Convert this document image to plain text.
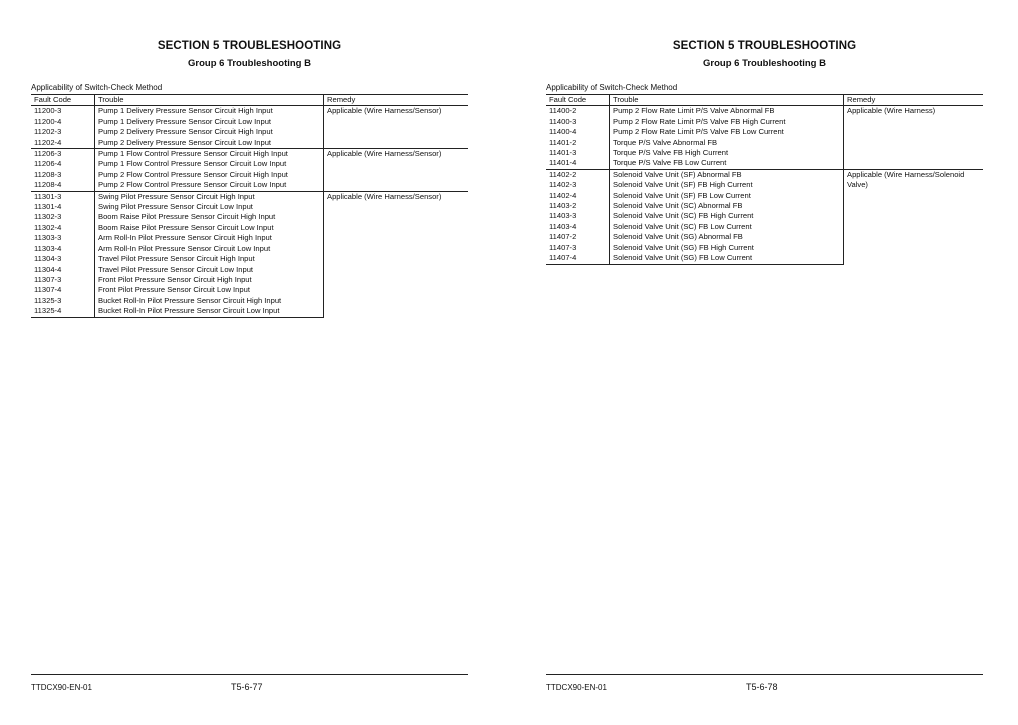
SECTION 5 TROUBLESHOOTING
Group 6 Troubleshooting B
Applicability of Switch-Check Method
Fault Code	Trouble	Remedy
11200-3	Pump 1 Delivery Pressure Sensor Circuit High Input	Applicable (Wire Harness/Sensor)
11200-4	Pump 1 Delivery Pressure Sensor Circuit Low Input	
11202-3	Pump 2 Delivery Pressure Sensor Circuit High Input	
11202-4	Pump 2 Delivery Pressure Sensor Circuit Low Input	
11206-3	Pump 1 Flow Control Pressure Sensor Circuit High Input	Applicable (Wire Harness/Sensor)
11206-4	Pump 1 Flow Control Pressure Sensor Circuit Low Input	
11208-3	Pump 2 Flow Control Pressure Sensor Circuit High Input	
11208-4	Pump 2 Flow Control Pressure Sensor Circuit Low Input	
11301-3	Swing Pilot Pressure Sensor Circuit High Input	Applicable (Wire Harness/Sensor)
11301-4	Swing Pilot Pressure Sensor Circuit Low Input	
11302-3	Boom Raise Pilot Pressure Sensor Circuit High Input	
11302-4	Boom Raise Pilot Pressure Sensor Circuit Low Input	
11303-3	Arm Roll-In Pilot Pressure Sensor Circuit High Input	
11303-4	Arm Roll-In Pilot Pressure Sensor Circuit Low Input	
11304-3	Travel Pilot Pressure Sensor Circuit High Input	
11304-4	Travel Pilot Pressure Sensor Circuit Low Input	
11307-3	Front Pilot Pressure Sensor Circuit High Input	
11307-4	Front Pilot Pressure Sensor Circuit Low Input	
11325-3	Bucket Roll-In Pilot Pressure Sensor Circuit High Input	
11325-4	Bucket Roll-In Pilot Pressure Sensor Circuit Low Input	
TTDCX90-EN-01	T5-6-77
SECTION 5 TROUBLESHOOTING
Group 6 Troubleshooting B
Applicability of Switch-Check Method
Fault Code	Trouble	Remedy
11400-2	Pump 2 Flow Rate Limit P/S Valve Abnormal FB	Applicable (Wire Harness)
11400-3	Pump 2 Flow Rate Limit P/S Valve FB High Current	
11400-4	Pump 2 Flow Rate Limit P/S Valve FB Low Current	
11401-2	Torque P/S Valve Abnormal FB	
11401-3	Torque P/S Valve FB High Current	
11401-4	Torque P/S Valve FB Low Current	
11402-2	Solenoid Valve Unit (SF) Abnormal FB	Applicable (Wire Harness/Solenoid Valve)
11402-3	Solenoid Valve Unit (SF) FB High Current	
11402-4	Solenoid Valve Unit (SF) FB Low Current	
11403-2	Solenoid Valve Unit (SC) Abnormal FB	
11403-3	Solenoid Valve Unit (SC) FB High Current	
11403-4	Solenoid Valve Unit (SC) FB Low Current	
11407-2	Solenoid Valve Unit (SG) Abnormal FB	
11407-3	Solenoid Valve Unit (SG) FB High Current	
11407-4	Solenoid Valve Unit (SG) FB Low Current	
TTDCX90-EN-01	T5-6-78
